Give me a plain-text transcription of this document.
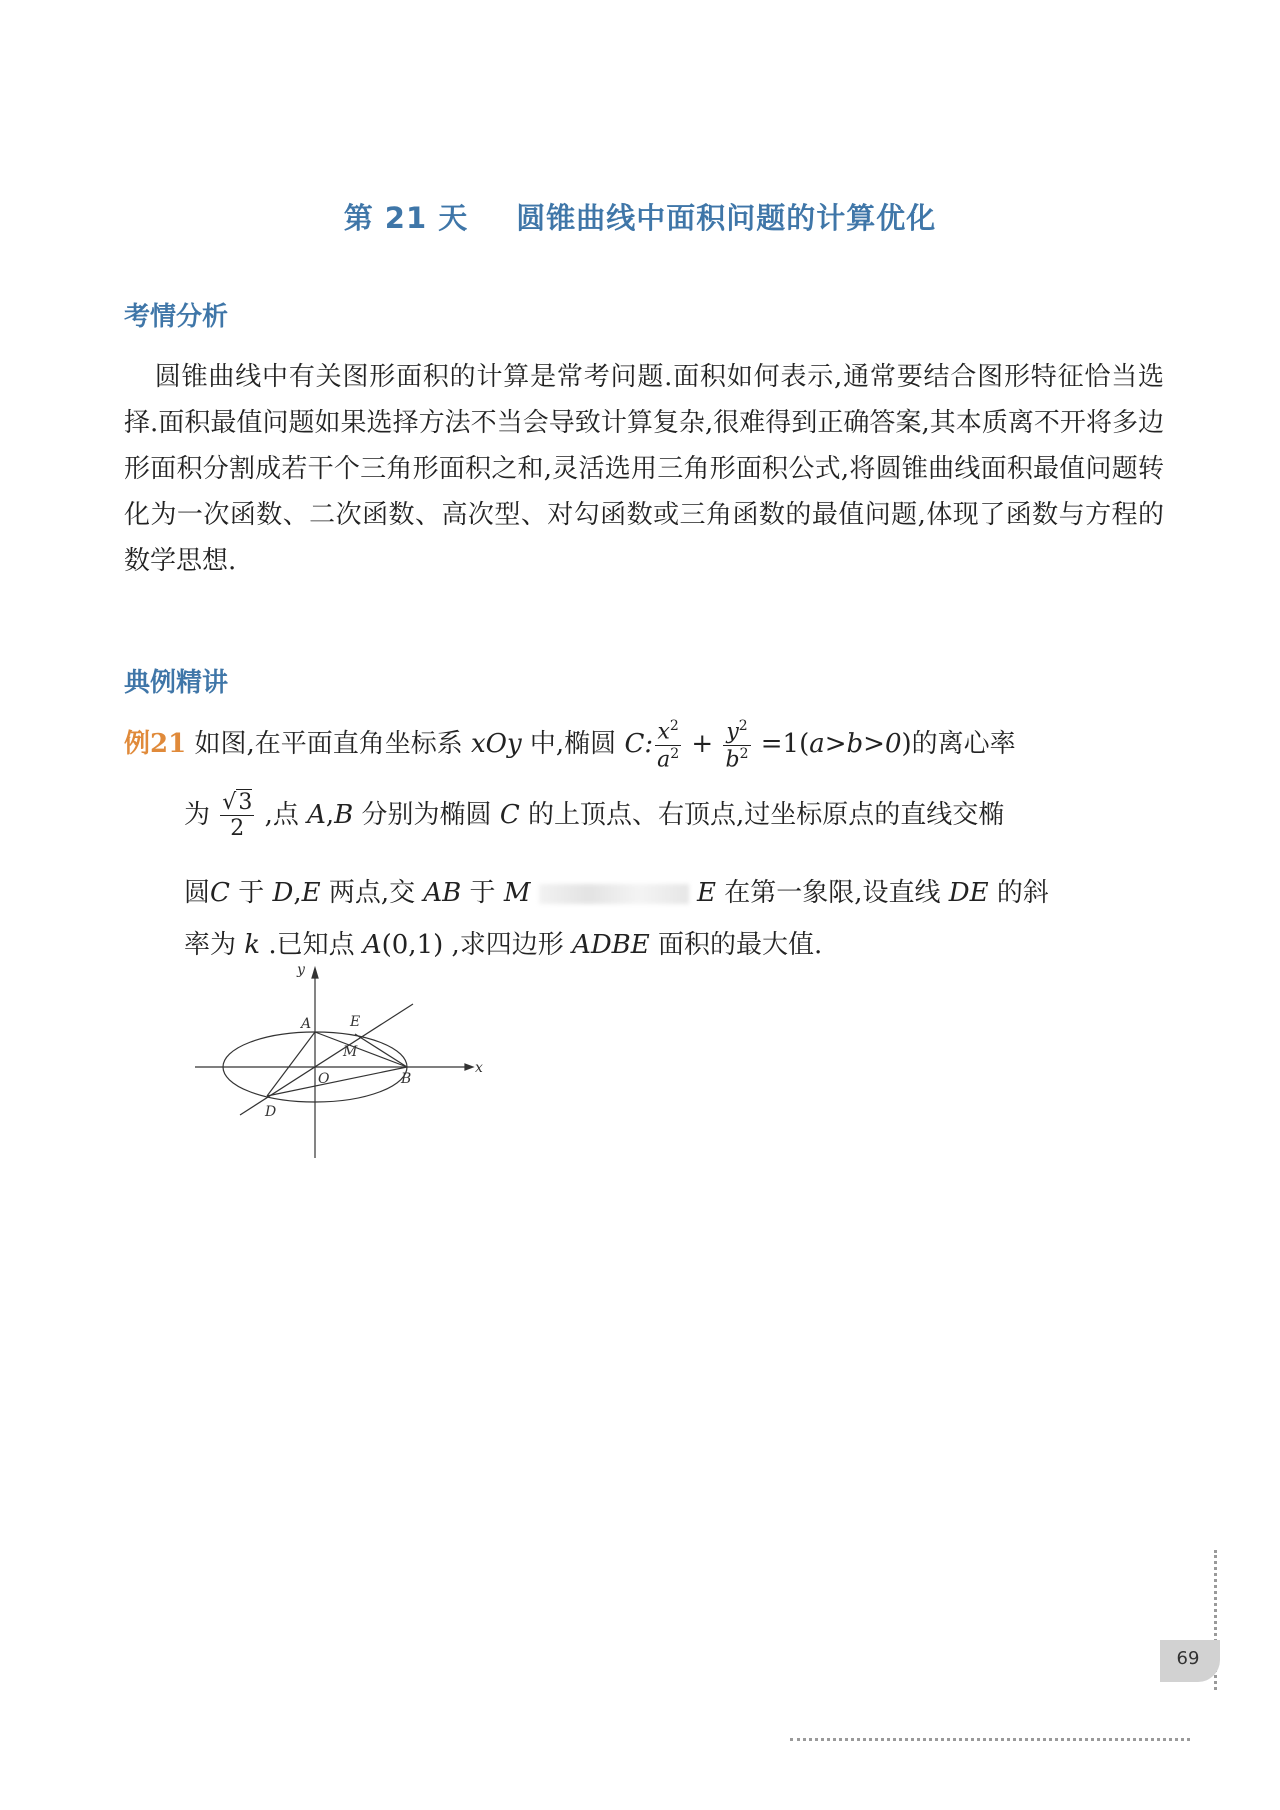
第 21 天 圆锥曲线中面积问题的计算优化
考情分析

圆锥曲线中有关图形面积的计算是常考问题.面积如何表示,通常要结合图形特征恰当选择.面积最值问题如果选择方法不当会导致计算复杂,很难得到正确答案,其本质离不开将多边形面积分割成若干个三角形面积之和,灵活选用三角形面积公式,将圆锥曲线面积最值问题转化为一次函数、二次函数、高次型、对勾函数或三角函数的最值问题,体现了函数与方程的数学思想.

典例精讲

例21 如图,在平面直角坐标系 xOy 中,椭圆 C: $\frac{x^2}{a^2} + \frac{y^2}{b^2} =1(a>b>0)$的离心率

为 $\frac{√3}{2}$ ,点 A,B 分别为椭圆 C 的上顶点、右顶点,过坐标原点的直线交椭

圆C 于 D,E 两点,交 AB 于 M	E 在第一象限,设直线 DE 的斜

率为 k .已知点 A(0,1) ,求四边形 ADBE 面积的最大值.

y
x
A	E
M
O	B
D
69
